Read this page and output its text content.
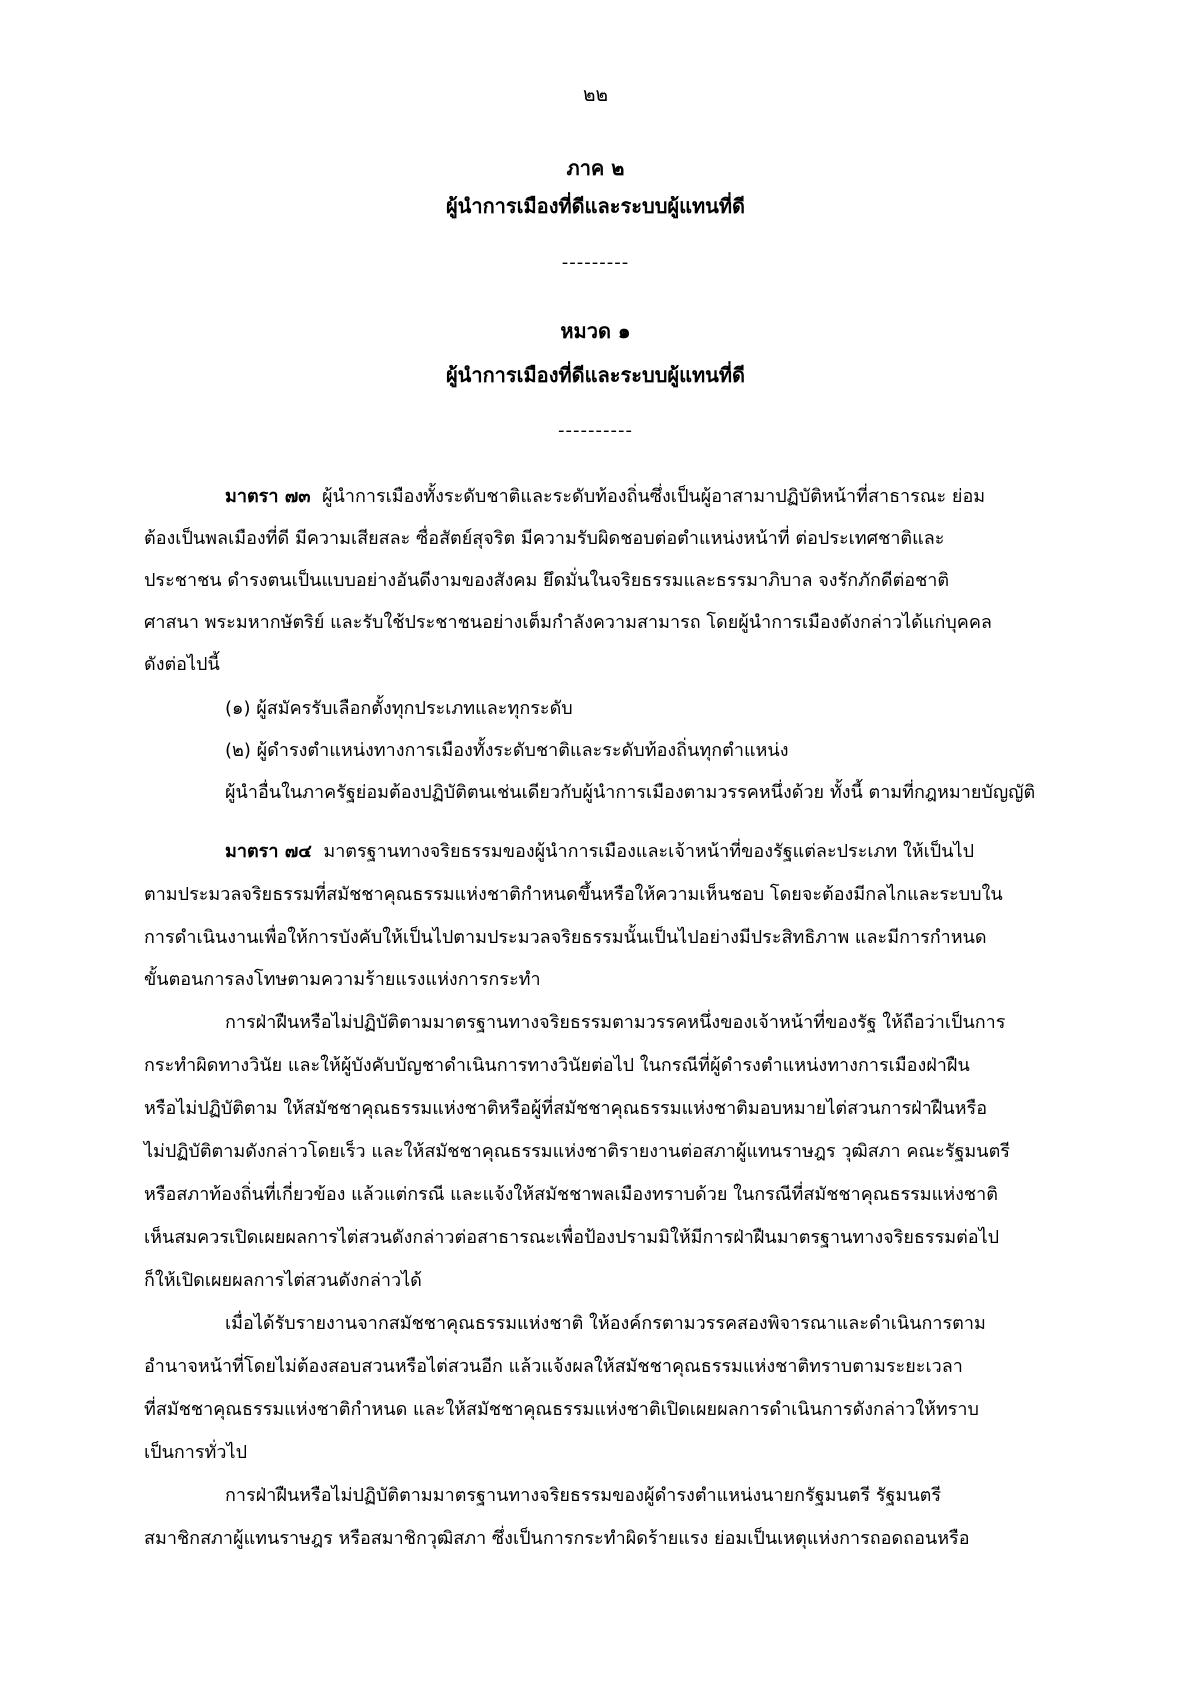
๒๒
ภาค ๒
ผู้นำการเมืองที่ดีและระบบผู้แทนที่ดี
---------
หมวด ๑
ผู้นำการเมืองที่ดีและระบบผู้แทนที่ดี
----------
มาตรา ๗๓ ผู้นำการเมืองทั้งระดับชาติและระดับท้องถิ่นซึ่งเป็นผู้อาสามาปฏิบัติหน้าที่สาธารณะ ย่อม
ต้องเป็นพลเมืองที่ดี มีความเสียสละ ซื่อสัตย์สุจริต มีความรับผิดชอบต่อตำแหน่งหน้าที่ ต่อประเทศชาติและ
ประชาชน ดำรงตนเป็นแบบอย่างอันดีงามของสังคม ยึดมั่นในจริยธรรมและธรรมาภิบาล จงรักภักดีต่อชาติ
ศาสนา พระมหากษัตริย์ และรับใช้ประชาชนอย่างเต็มกำลังความสามารถ โดยผู้นำการเมืองดังกล่าวได้แก่บุคคล
ดังต่อไปนี้
(๑) ผู้สมัครรับเลือกตั้งทุกประเภทและทุกระดับ
(๒) ผู้ดำรงตำแหน่งทางการเมืองทั้งระดับชาติและระดับท้องถิ่นทุกตำแหน่ง
ผู้นำอื่นในภาครัฐย่อมต้องปฏิบัติตนเช่นเดียวกับผู้นำการเมืองตามวรรคหนึ่งด้วย ทั้งนี้ ตามที่กฎหมายบัญญัติ
มาตรา ๗๔ มาตรฐานทางจริยธรรมของผู้นำการเมืองและเจ้าหน้าที่ของรัฐแต่ละประเภท ให้เป็นไป
ตามประมวลจริยธรรมที่สมัชชาคุณธรรมแห่งชาติกำหนดขึ้นหรือให้ความเห็นชอบ โดยจะต้องมีกลไกและระบบใน
การดำเนินงานเพื่อให้การบังคับให้เป็นไปตามประมวลจริยธรรมนั้นเป็นไปอย่างมีประสิทธิภาพ และมีการกำหนด
ขั้นตอนการลงโทษตามความร้ายแรงแห่งการกระทำ
การฝ่าฝืนหรือไม่ปฏิบัติตามมาตรฐานทางจริยธรรมตามวรรคหนึ่งของเจ้าหน้าที่ของรัฐ ให้ถือว่าเป็นการ
กระทำผิดทางวินัย และให้ผู้บังคับบัญชาดำเนินการทางวินัยต่อไป ในกรณีที่ผู้ดำรงตำแหน่งทางการเมืองฝ่าฝืน
หรือไม่ปฏิบัติตาม ให้สมัชชาคุณธรรมแห่งชาติหรือผู้ที่สมัชชาคุณธรรมแห่งชาติมอบหมายไต่สวนการฝ่าฝืนหรือ
ไม่ปฏิบัติตามดังกล่าวโดยเร็ว และให้สมัชชาคุณธรรมแห่งชาติรายงานต่อสภาผู้แทนราษฎร วุฒิสภา คณะรัฐมนตรี
หรือสภาท้องถิ่นที่เกี่ยวข้อง แล้วแต่กรณี และแจ้งให้สมัชชาพลเมืองทราบด้วย ในกรณีที่สมัชชาคุณธรรมแห่งชาติ
เห็นสมควรเปิดเผยผลการไต่สวนดังกล่าวต่อสาธารณะเพื่อป้องปรามมิให้มีการฝ่าฝืนมาตรฐานทางจริยธรรมต่อไป
ก็ให้เปิดเผยผลการไต่สวนดังกล่าวได้
เมื่อได้รับรายงานจากสมัชชาคุณธรรมแห่งชาติ ให้องค์กรตามวรรคสองพิจารณาและดำเนินการตาม
อำนาจหน้าที่โดยไม่ต้องสอบสวนหรือไต่สวนอีก แล้วแจ้งผลให้สมัชชาคุณธรรมแห่งชาติทราบตามระยะเวลา
ที่สมัชชาคุณธรรมแห่งชาติกำหนด และให้สมัชชาคุณธรรมแห่งชาติเปิดเผยผลการดำเนินการดังกล่าวให้ทราบ
เป็นการทั่วไป
การฝ่าฝืนหรือไม่ปฏิบัติตามมาตรฐานทางจริยธรรมของผู้ดำรงตำแหน่งนายกรัฐมนตรี รัฐมนตรี
สมาชิกสภาผู้แทนราษฎร หรือสมาชิกวุฒิสภา ซึ่งเป็นการกระทำผิดร้ายแรง ย่อมเป็นเหตุแห่งการถอดถอนหรือ
